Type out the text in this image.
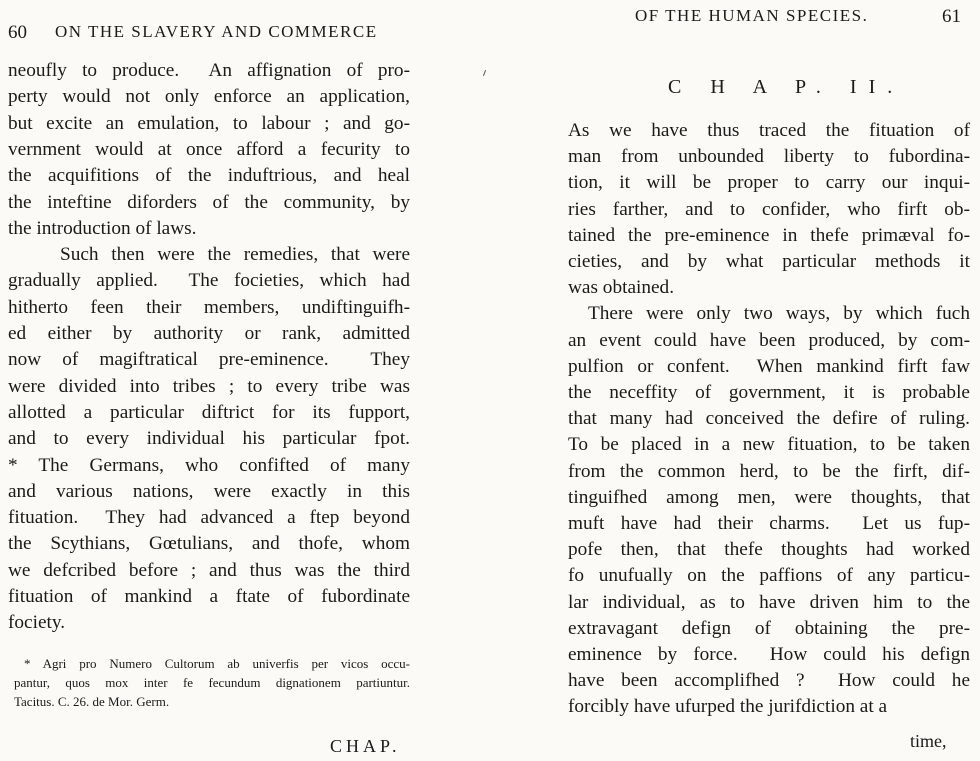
60 ON THE SLAVERY AND COMMERCE
neoufly to produce.  An affignation of pro-
perty would not only enforce an application,
but excite an emulation, to labour ; and go-
vernment would at once afford a fecurity to
the acquifitions of the induftrious, and heal
the inteftine diforders of the community, by
the introduction of laws.
Such then were the remedies, that were
gradually applied.  The focieties, which had
hitherto feen their members, undiftinguifh-
ed either by authority or rank, admitted
now of magiftratical pre-eminence.  They
were divided into tribes ; to every tribe was
allotted a particular diftrict for its fupport,
and to every individual his particular fpot.
* The Germans, who confifted of many
and various nations, were exactly in this
fituation.  They had advanced a ftep beyond
the Scythians, Gœtulians, and thofe, whom
we defcribed before ; and thus was the third
fituation of mankind a ftate of fubordinate
fociety.
* Agri pro Numero Cultorum ab univerfis per vicos occu-
pantur, quos mox inter fe fecundum dignationem partiuntur.
Tacitus. C. 26. de Mor. Germ.
CHAP.
OF THE HUMAN SPECIES.	61
C H A P. II.
As we have thus traced the fituation of
man from unbounded liberty to fubordina-
tion, it will be proper to carry our inqui-
ries farther, and to confider, who firft ob-
tained the pre-eminence in thefe primæval fo-
cieties, and by what particular methods it
was obtained.
There were only two ways, by which fuch
an event could have been produced, by com-
pulfion or confent.  When mankind firft faw
the neceffity of government, it is probable
that many had conceived the defire of ruling.
To be placed in a new fituation, to be taken
from the common herd, to be the firft, dif-
tinguifhed among men, were thoughts, that
muft have had their charms.  Let us fup-
pofe then, that thefe thoughts had worked
fo unufually on the paffions of any particu-
lar individual, as to have driven him to the
extravagant defign of obtaining the pre-
eminence by force.  How could his defign
have been accomplifhed ?  How could he
forcibly have ufurped the jurifdiction at a
time,
